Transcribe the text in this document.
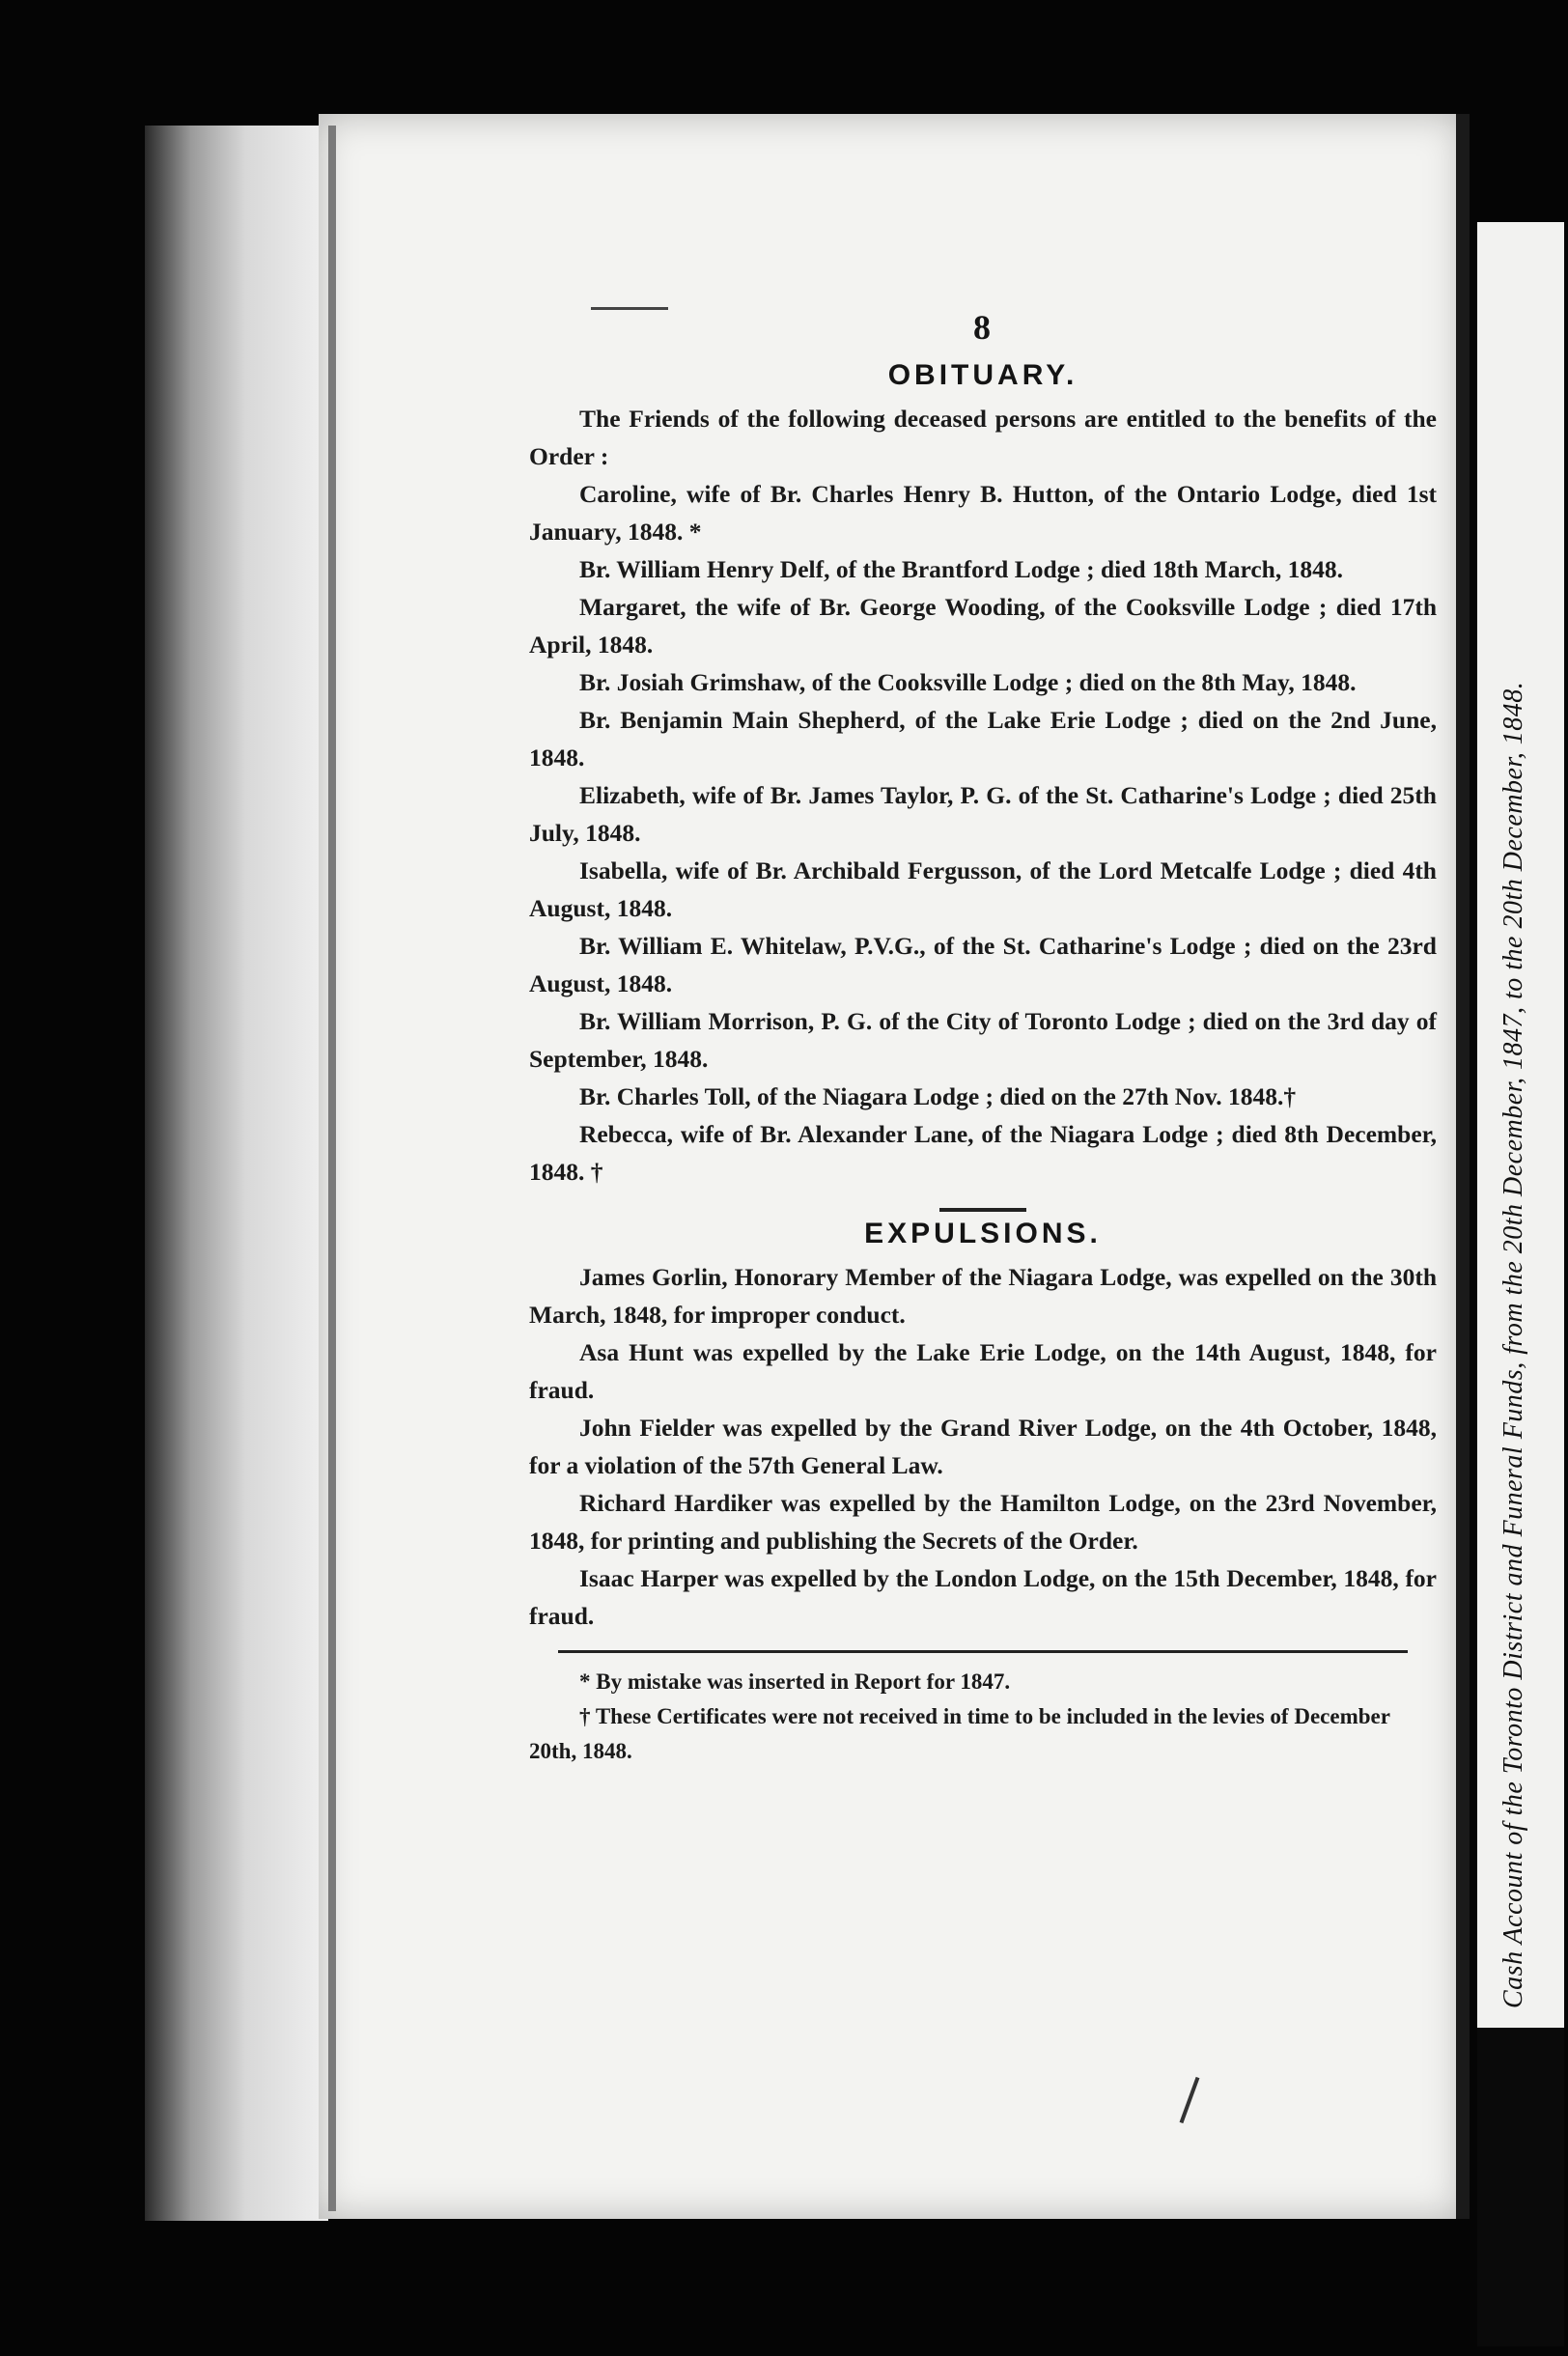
Cash Account of the Toronto District and Funeral Funds, from the 20th December, 1847, to the 20th December, 1848.
8
OBITUARY.

The Friends of the following deceased persons are entitled to the benefits of the Order :

Caroline, wife of Br. Charles Henry B. Hutton, of the Ontario Lodge, died 1st January, 1848. *

Br. William Henry Delf, of the Brantford Lodge ; died 18th March, 1848.

Margaret, the wife of Br. George Wooding, of the Cooksville Lodge ; died 17th April, 1848.

Br. Josiah Grimshaw, of the Cooksville Lodge ; died on the 8th May, 1848.

Br. Benjamin Main Shepherd, of the Lake Erie Lodge ; died on the 2nd June, 1848.

Elizabeth, wife of Br. James Taylor, P. G. of the St. Catharine's Lodge ; died 25th July, 1848.

Isabella, wife of Br. Archibald Fergusson, of the Lord Metcalfe Lodge ; died 4th August, 1848.

Br. William E. Whitelaw, P.V.G., of the St. Catharine's Lodge ; died on the 23rd August, 1848.

Br. William Morrison, P. G. of the City of Toronto Lodge ; died on the 3rd day of September, 1848.

Br. Charles Toll, of the Niagara Lodge ; died on the 27th Nov. 1848.†

Rebecca, wife of Br. Alexander Lane, of the Niagara Lodge ; died 8th December, 1848. †

EXPULSIONS.

James Gorlin, Honorary Member of the Niagara Lodge, was expelled on the 30th March, 1848, for improper conduct.

Asa Hunt was expelled by the Lake Erie Lodge, on the 14th August, 1848, for fraud.

John Fielder was expelled by the Grand River Lodge, on the 4th October, 1848, for a violation of the 57th General Law.

Richard Hardiker was expelled by the Hamilton Lodge, on the 23rd November, 1848, for printing and publishing the Secrets of the Order.

Isaac Harper was expelled by the London Lodge, on the 15th December, 1848, for fraud.

* By mistake was inserted in Report for 1847.

† These Certificates were not received in time to be included in the levies of December 20th, 1848.
